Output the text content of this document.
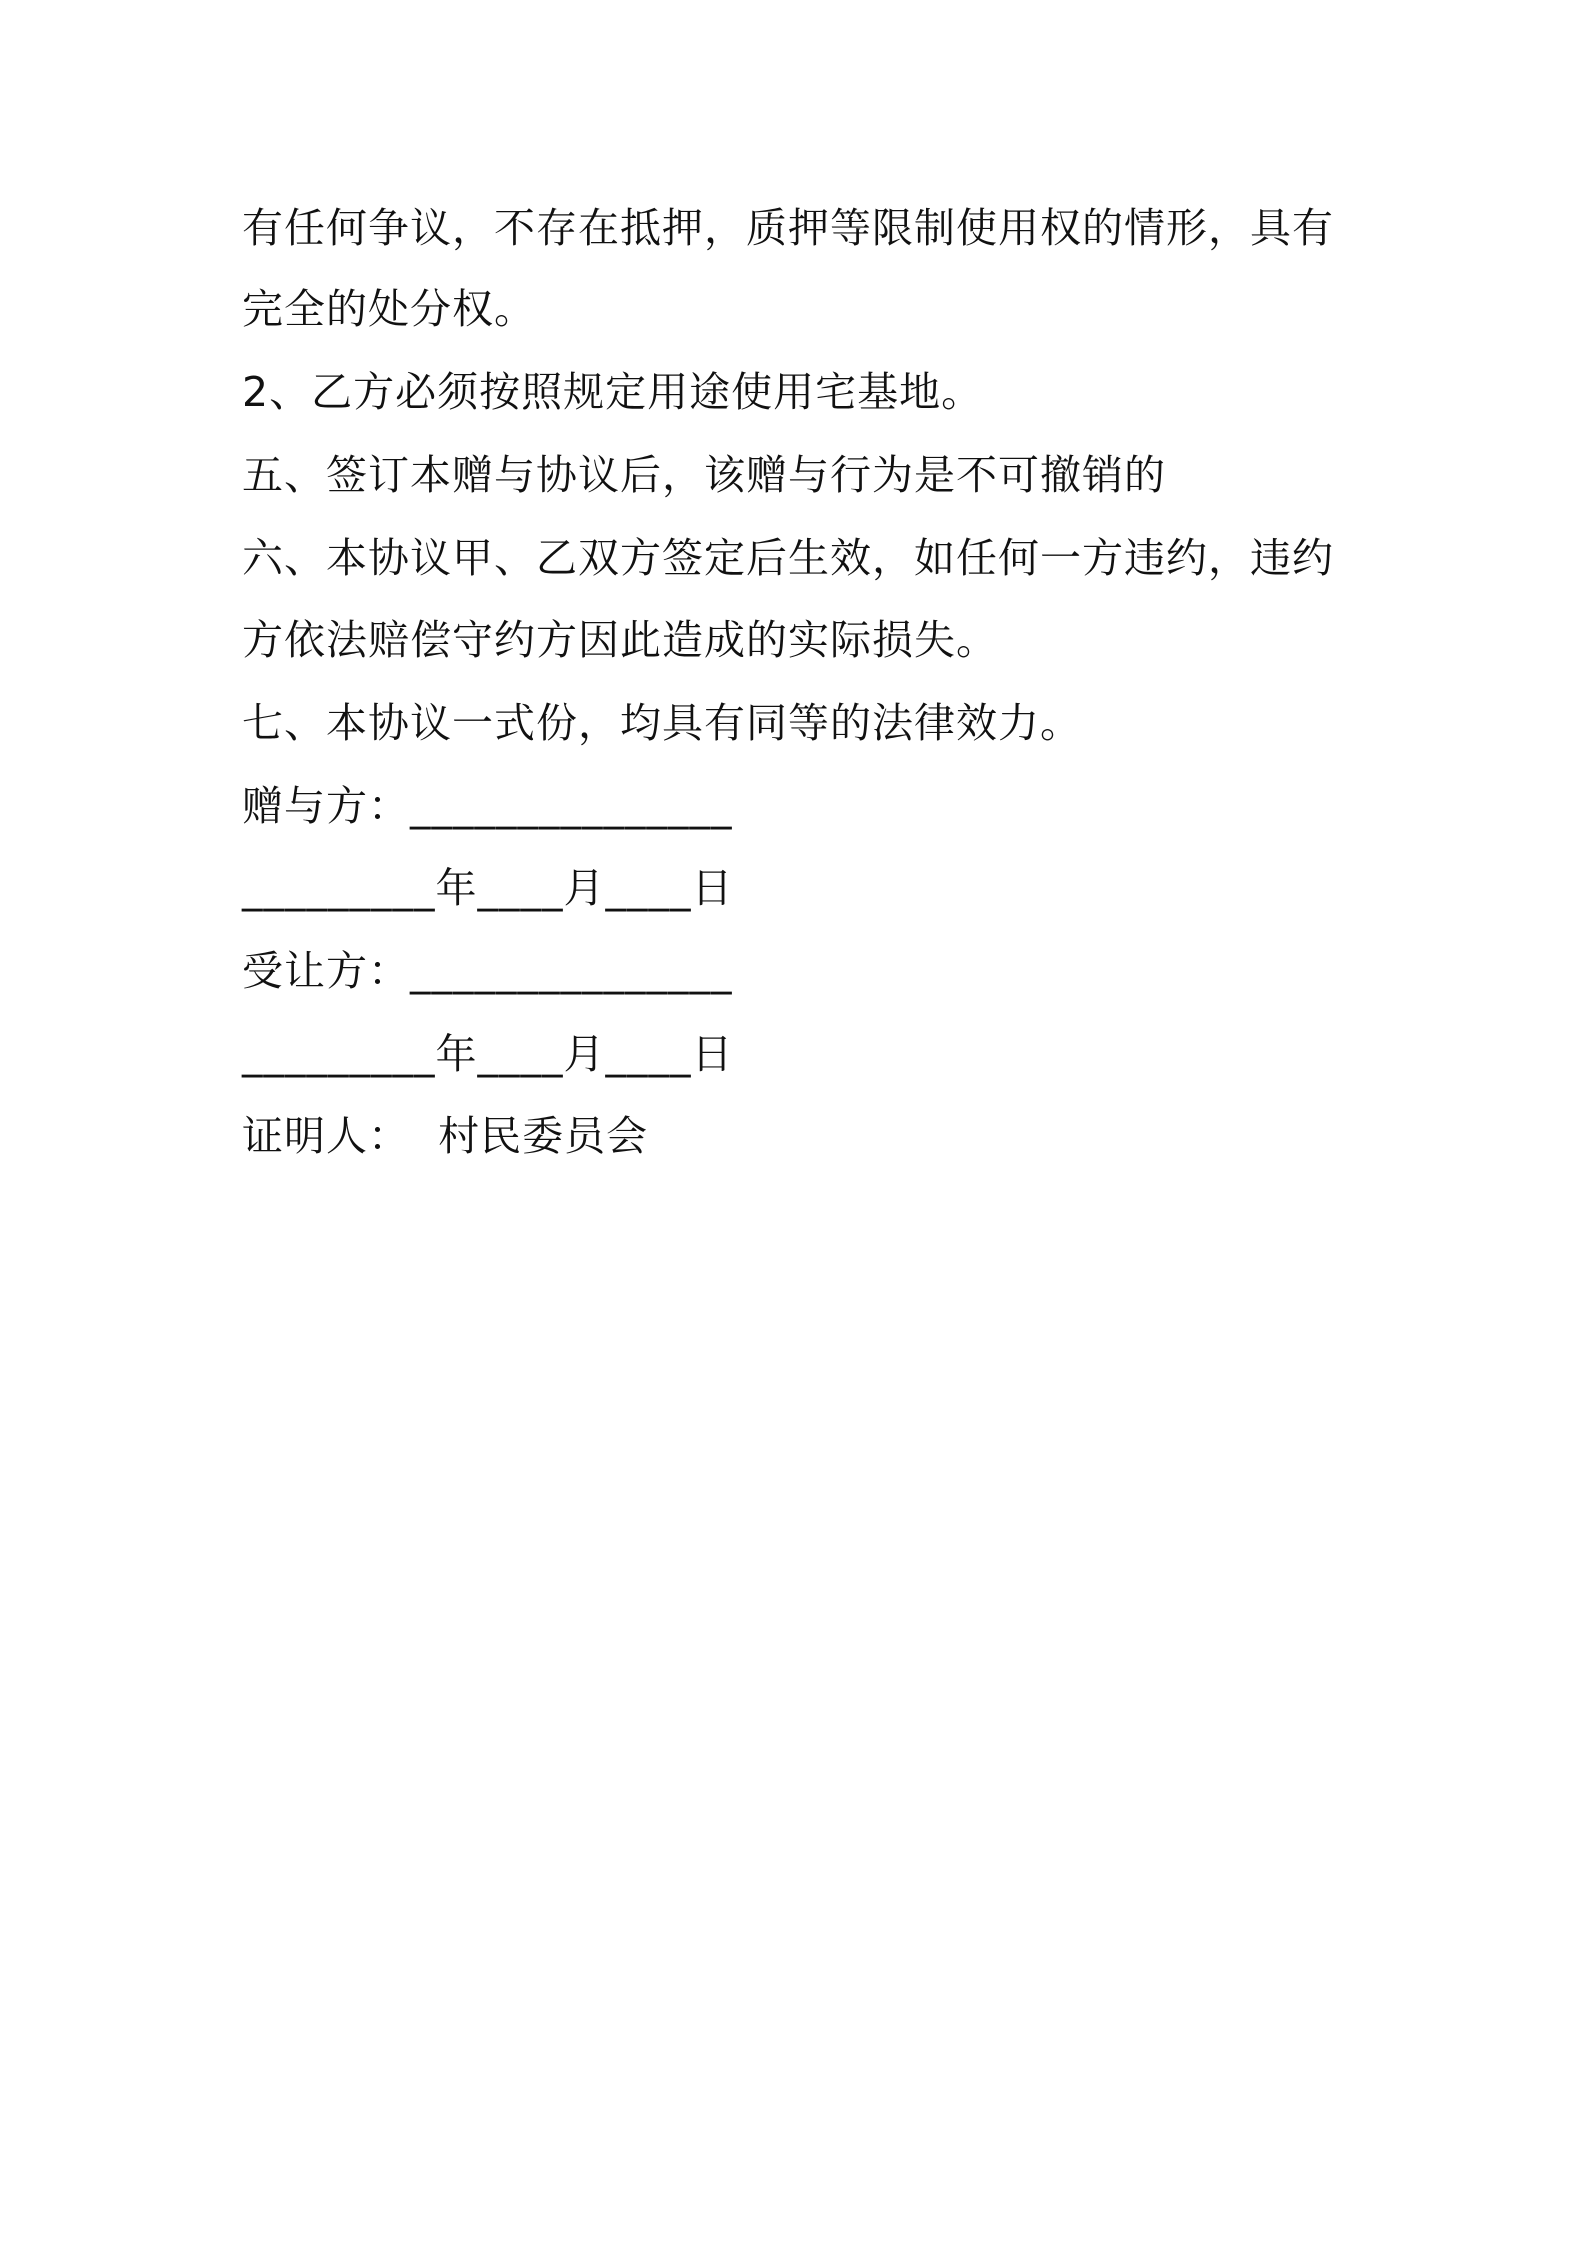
有任何争议，不存在抵押，质押等限制使用权的情形，具有
完全的处分权。
2、乙方必须按照规定用途使用宅基地。
五、签订本赠与协议后，该赠与行为是不可撤销的
六、本协议甲、乙双方签定后生效，如任何一方违约，违约
方依法赔偿守约方因此造成的实际损失。
七、本协议一式份，均具有同等的法律效力。
赠与方：_______________
_________年____月____日
受让方：_______________
_________年____月____日
证明人：  村民委员会
